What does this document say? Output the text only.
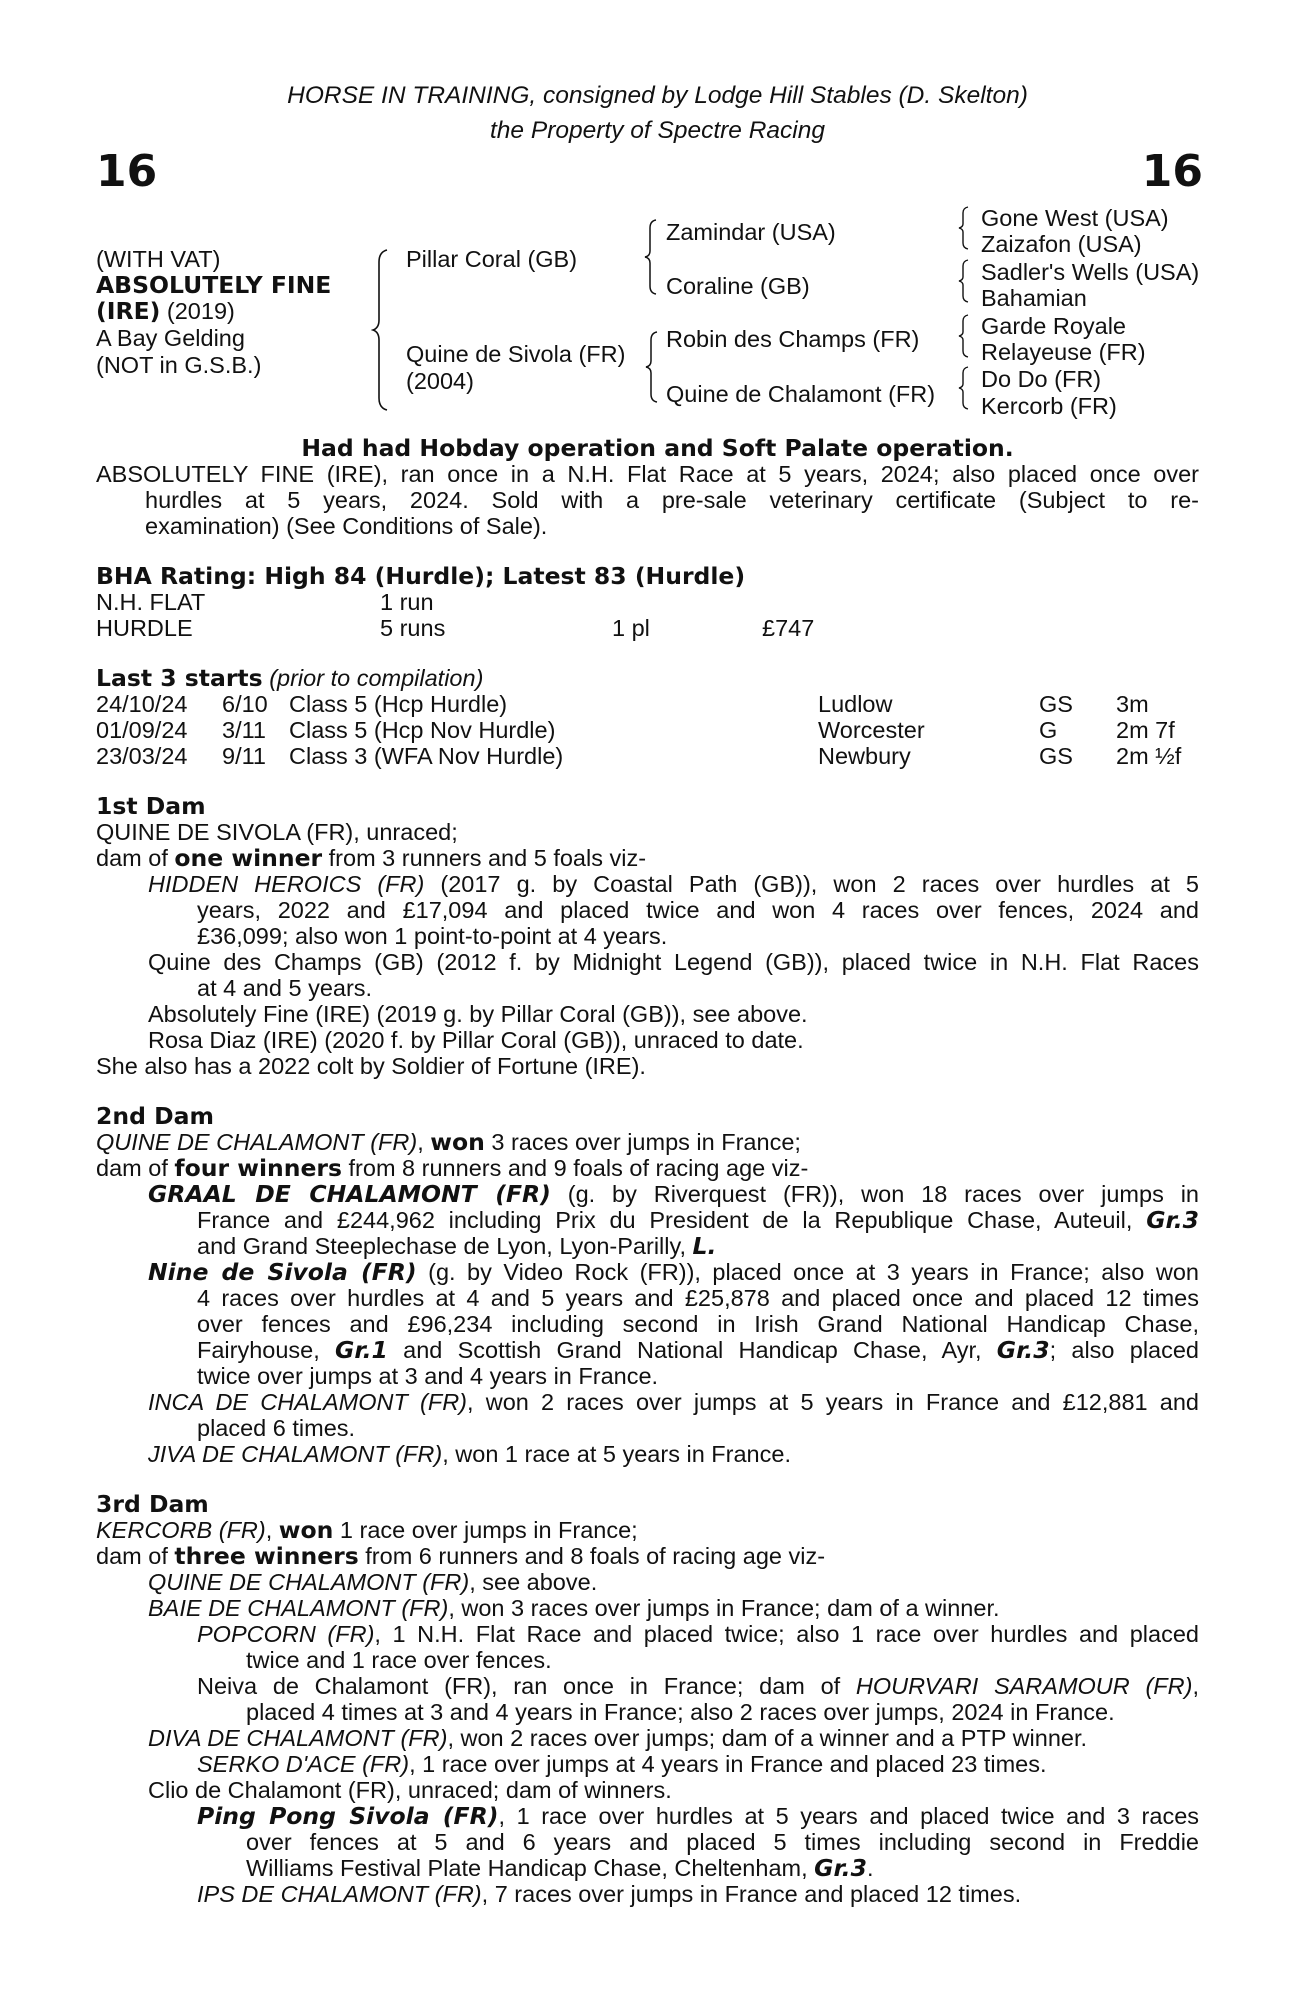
HORSE IN TRAINING, consigned by Lodge Hill Stables (D. Skelton)
the Property of Spectre Racing
16	16
(WITH VAT)
ABSOLUTELY FINE
(IRE) (2019)
A Bay Gelding
(NOT in G.S.B.)
Pillar Coral (GB)
Quine de Sivola (FR)
(2004)
Zamindar (USA)
Coraline (GB)
Robin des Champs (FR)
Quine de Chalamont (FR)
Gone West (USA)
Zaizafon (USA)
Sadler's Wells (USA)
Bahamian
Garde Royale
Relayeuse (FR)
Do Do (FR)
Kercorb (FR)
Had had Hobday operation and Soft Palate operation.
ABSOLUTELY FINE (IRE), ran once in a N.H. Flat Race at 5 years, 2024; also placed once over
hurdles at 5 years, 2024. Sold with a pre-sale veterinary certificate (Subject to re-
examination) (See Conditions of Sale).
BHA Rating: High 84 (Hurdle); Latest 83 (Hurdle)
N.H. FLAT	1 run
HURDLE	5 runs	1 pl	£747
Last 3 starts (prior to compilation)
24/10/24 6/10 Class 5 (Hcp Hurdle)	Ludlow	GS 3m
01/09/24 3/11 Class 5 (Hcp Nov Hurdle)	Worcester	G 2m 7f
23/03/24 9/11 Class 3 (WFA Nov Hurdle)	Newbury	GS 2m ½f
1st Dam
QUINE DE SIVOLA (FR), unraced;
dam of one winner from 3 runners and 5 foals viz-
HIDDEN HEROICS (FR) (2017 g. by Coastal Path (GB)), won 2 races over hurdles at 5
years, 2022 and £17,094 and placed twice and won 4 races over fences, 2024 and
£36,099; also won 1 point-to-point at 4 years.
Quine des Champs (GB) (2012 f. by Midnight Legend (GB)), placed twice in N.H. Flat Races
at 4 and 5 years.
Absolutely Fine (IRE) (2019 g. by Pillar Coral (GB)), see above.
Rosa Diaz (IRE) (2020 f. by Pillar Coral (GB)), unraced to date.
She also has a 2022 colt by Soldier of Fortune (IRE).
2nd Dam
QUINE DE CHALAMONT (FR), won 3 races over jumps in France;
dam of four winners from 8 runners and 9 foals of racing age viz-
GRAAL DE CHALAMONT (FR) (g. by Riverquest (FR)), won 18 races over jumps in
France and £244,962 including Prix du President de la Republique Chase, Auteuil, Gr.3
and Grand Steeplechase de Lyon, Lyon-Parilly, L.
Nine de Sivola (FR) (g. by Video Rock (FR)), placed once at 3 years in France; also won
4 races over hurdles at 4 and 5 years and £25,878 and placed once and placed 12 times
over fences and £96,234 including second in Irish Grand National Handicap Chase,
Fairyhouse, Gr.1 and Scottish Grand National Handicap Chase, Ayr, Gr.3; also placed
twice over jumps at 3 and 4 years in France.
INCA DE CHALAMONT (FR), won 2 races over jumps at 5 years in France and £12,881 and
placed 6 times.
JIVA DE CHALAMONT (FR), won 1 race at 5 years in France.
3rd Dam
KERCORB (FR), won 1 race over jumps in France;
dam of three winners from 6 runners and 8 foals of racing age viz-
QUINE DE CHALAMONT (FR), see above.
BAIE DE CHALAMONT (FR), won 3 races over jumps in France; dam of a winner.
POPCORN (FR), 1 N.H. Flat Race and placed twice; also 1 race over hurdles and placed
twice and 1 race over fences.
Neiva de Chalamont (FR), ran once in France; dam of HOURVARI SARAMOUR (FR),
placed 4 times at 3 and 4 years in France; also 2 races over jumps, 2024 in France.
DIVA DE CHALAMONT (FR), won 2 races over jumps; dam of a winner and a PTP winner.
SERKO D'ACE (FR), 1 race over jumps at 4 years in France and placed 23 times.
Clio de Chalamont (FR), unraced; dam of winners.
Ping Pong Sivola (FR), 1 race over hurdles at 5 years and placed twice and 3 races
over fences at 5 and 6 years and placed 5 times including second in Freddie
Williams Festival Plate Handicap Chase, Cheltenham, Gr.3.
IPS DE CHALAMONT (FR), 7 races over jumps in France and placed 12 times.
